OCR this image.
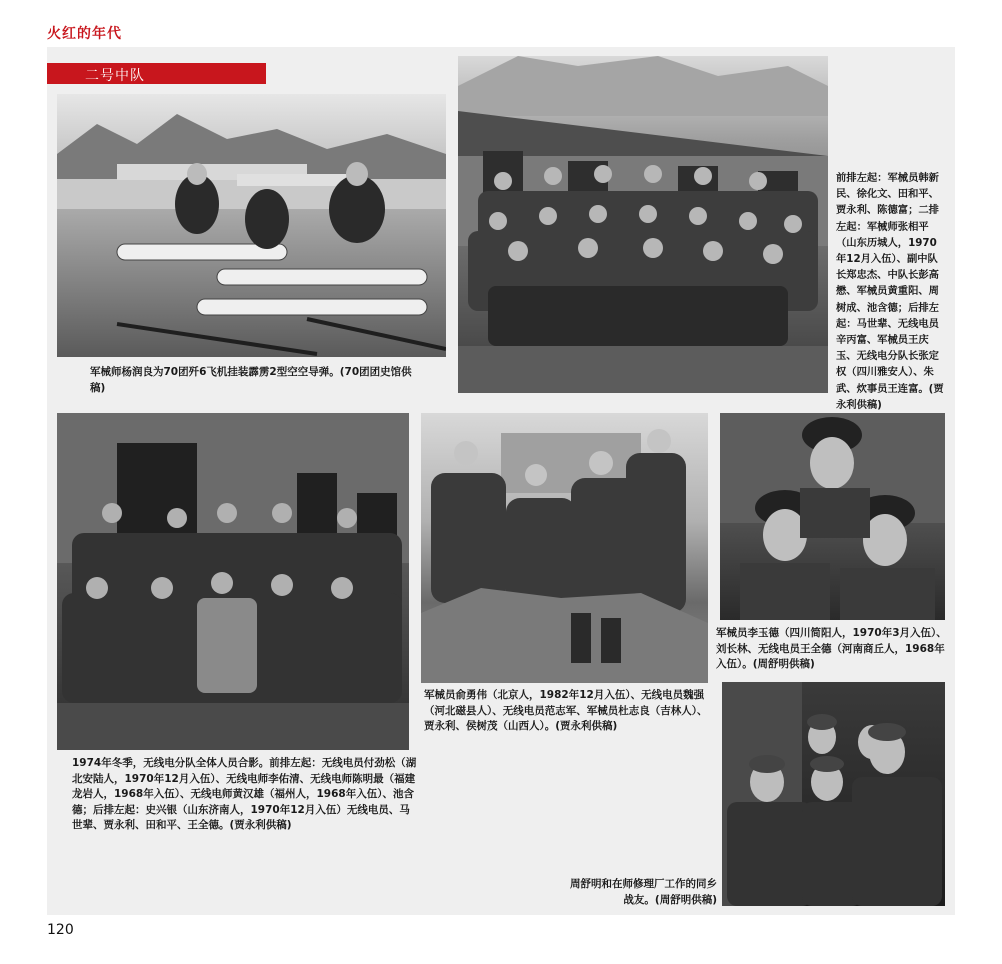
火红的年代
二号中队
军械师杨润良为70团歼6飞机挂装霹雳2型空空导弹。(70团团史馆供稿)
前排左起：军械员韩新民、徐化文、田和平、贾永利、陈德富；二排左起：军械师张相平（山东历城人，1970年12月入伍）、副中队长郑忠杰、中队长彭高懋、军械员黄重阳、周树成、池含德；后排左起：马世辈、无线电员辛丙富、军械员王庆玉、无线电分队长张定权（四川雅安人）、朱武、炊事员王连富。(贾永利供稿)
1974年冬季，无线电分队全体人员合影。前排左起：无线电员付劲松（湖北安陆人，1970年12月入伍）、无线电师李佑清、无线电师陈明最（福建龙岩人，1968年入伍）、无线电师黄汉雄（福州人，1968年入伍）、池含德；后排左起：史兴银（山东济南人，1970年12月入伍）无线电员、马世辈、贾永利、田和平、王全德。(贾永利供稿)
军械员俞勇伟（北京人，1982年12月入伍）、无线电员魏强（河北磁县人）、无线电员范志军、军械员杜志良（吉林人）、贾永利、侯树茂（山西人）。(贾永利供稿)
军械员李玉德（四川简阳人，1970年3月入伍）、刘长林、无线电员王全德（河南商丘人，1968年入伍）。(周舒明供稿)
周舒明和在师修理厂工作的同乡战友。(周舒明供稿)
120
